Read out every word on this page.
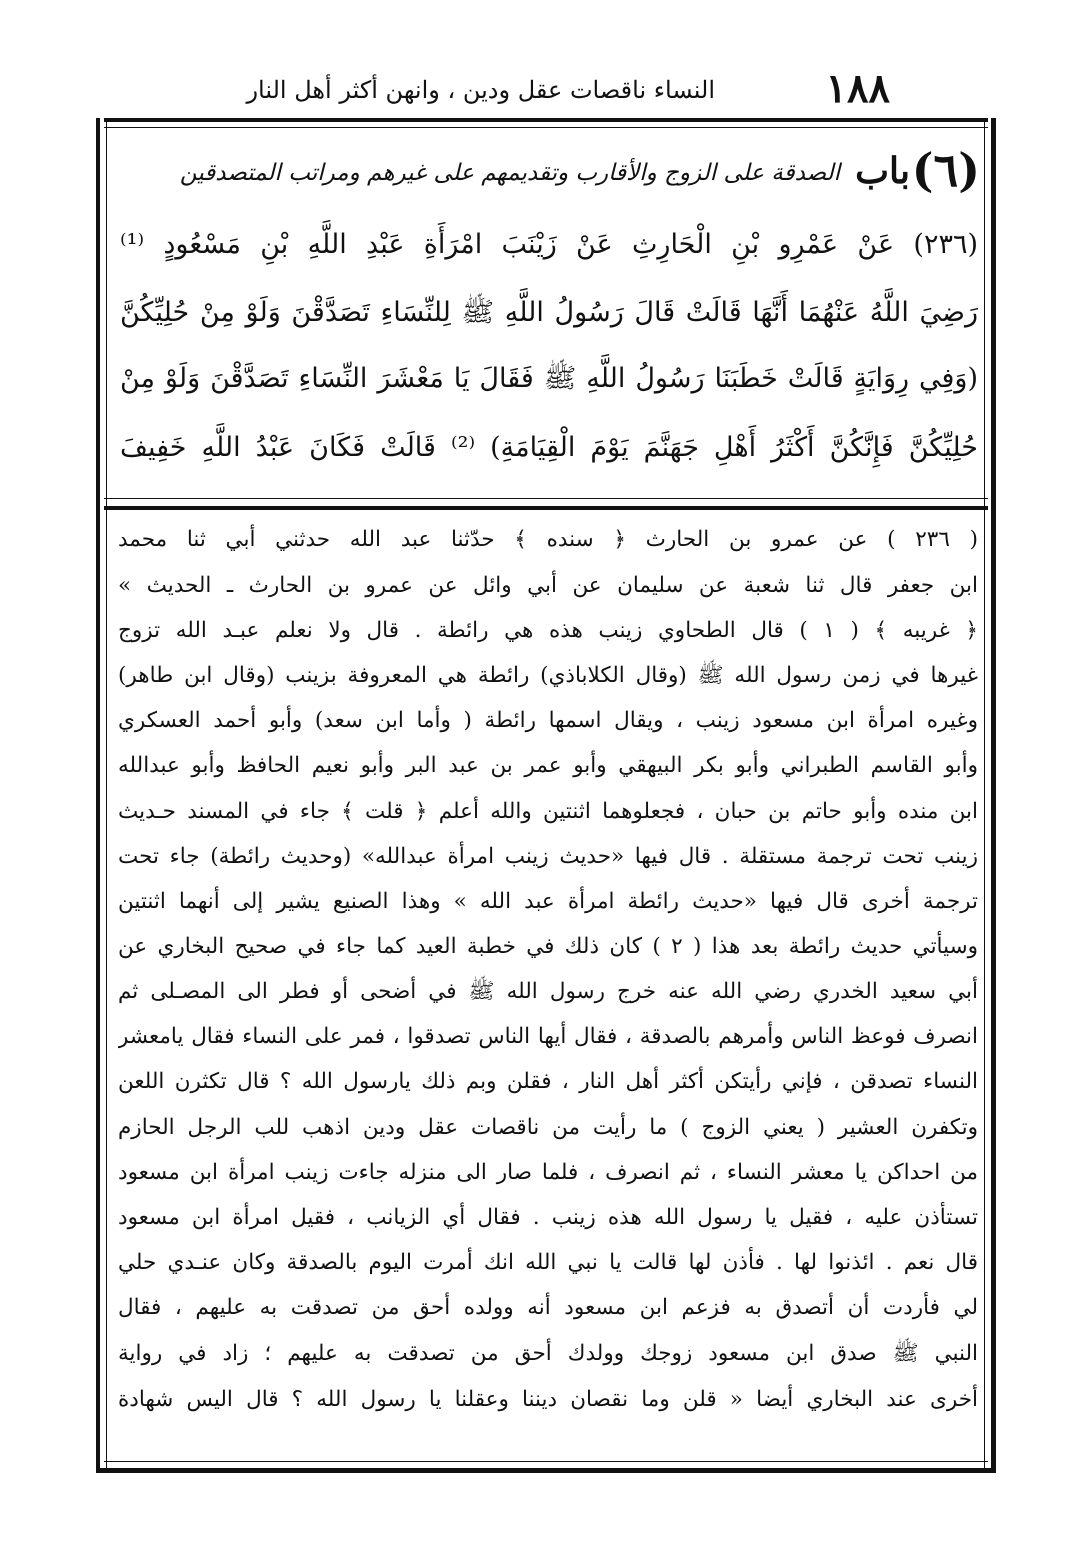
١٨٨
النساء ناقصات عقل ودين ، وانهن أكثر أهل النار
(٦)
باب
الصدقة على الزوج والأقارب وتقديمهم على غيرهم ومراتب المتصدقين
(٢٣٦) عَنْ عَمْرِو بْنِ الْحَارِثِ عَنْ زَيْنَبَ امْرَأَةِ عَبْدِ اللَّهِ بْنِ مَسْعُودٍ ⁽¹⁾
رَضِيَ اللَّهُ عَنْهُمَا أَنَّهَا قَالَتْ قَالَ رَسُولُ اللَّهِ ﷺ لِلنِّسَاءِ تَصَدَّقْنَ وَلَوْ مِنْ حُلِيِّكُنَّ
(وَفِي رِوَايَةٍ قَالَتْ خَطَبَنَا رَسُولُ اللَّهِ ﷺ فَقَالَ يَا مَعْشَرَ النِّسَاءِ تَصَدَّقْنَ وَلَوْ مِنْ
حُلِيِّكُنَّ فَإِنَّكُنَّ أَكْثَرُ أَهْلِ جَهَنَّمَ يَوْمَ الْقِيَامَةِ) ⁽²⁾ قَالَتْ فَكَانَ عَبْدُ اللَّهِ خَفِيفَ
( ٢٣٦ ) عن عمرو بن الحارث ﴿ سنده ﴾ حدّثنا عبد الله حدثني أبي ثنا محمد
ابن جعفر قال ثنا شعبة عن سليمان عن أبي وائل عن عمرو بن الحارث ـ الحديث »
﴿ غريبه ﴾ ( ١ ) قال الطحاوي زينب هذه هي رائطة . قال ولا نعلم عبـد الله تزوج
غيرها في زمن رسول الله ﷺ (وقال الكلاباذي) رائطة هي المعروفة بزينب (وقال ابن طاهر)
وغيره امرأة ابن مسعود زينب ، ويقال اسمها رائطة ( وأما ابن سعد) وأبو أحمد العسكري
وأبو القاسم الطبراني وأبو بكر البيهقي وأبو عمر بن عبد البر وأبو نعيم الحافظ وأبو عبدالله
ابن منده وأبو حاتم بن حبان ، فجعلوهما اثنتين والله أعلم ﴿ قلت ﴾ جاء في المسند حـديث
زينب تحت ترجمة مستقلة . قال فيها «حديث زينب امرأة عبدالله» (وحديث رائطة) جاء تحت
ترجمة أخرى قال فيها «حديث رائطة امرأة عبد الله » وهذا الصنيع يشير إلى أنهما اثنتين
وسيأتي حديث رائطة بعد هذا ( ٢ ) كان ذلك في خطبة العيد كما جاء في صحيح البخاري عن
أبي سعيد الخدري رضي الله عنه خرج رسول الله ﷺ في أضحى أو فطر الى المصـلى ثم
انصرف فوعظ الناس وأمرهم بالصدقة ، فقال أيها الناس تصدقوا ، فمر على النساء فقال يامعشر
النساء تصدقن ، فإني رأيتكن أكثر أهل النار ، فقلن وبم ذلك يارسول الله ؟ قال تكثرن اللعن
وتكفرن العشير ( يعني الزوج ) ما رأيت من ناقصات عقل ودين اذهب للب الرجل الحازم
من احداكن يا معشر النساء ، ثم انصرف ، فلما صار الى منزله جاءت زينب امرأة ابن مسعود
تستأذن عليه ، فقيل يا رسول الله هذه زينب . فقال أي الزيانب ، فقيل امرأة ابن مسعود
قال نعم . ائذنوا لها . فأذن لها قالت يا نبي الله انك أمرت اليوم بالصدقة وكان عنـدي حلي
لي فأردت أن أتصدق به فزعم ابن مسعود أنه وولده أحق من تصدقت به عليهم ، فقال
النبي ﷺ صدق ابن مسعود زوجك وولدك أحق من تصدقت به عليهم ؛ زاد في رواية
أخرى عند البخاري أيضا « قلن وما نقصان ديننا وعقلنا يا رسول الله ؟ قال اليس شهادة
